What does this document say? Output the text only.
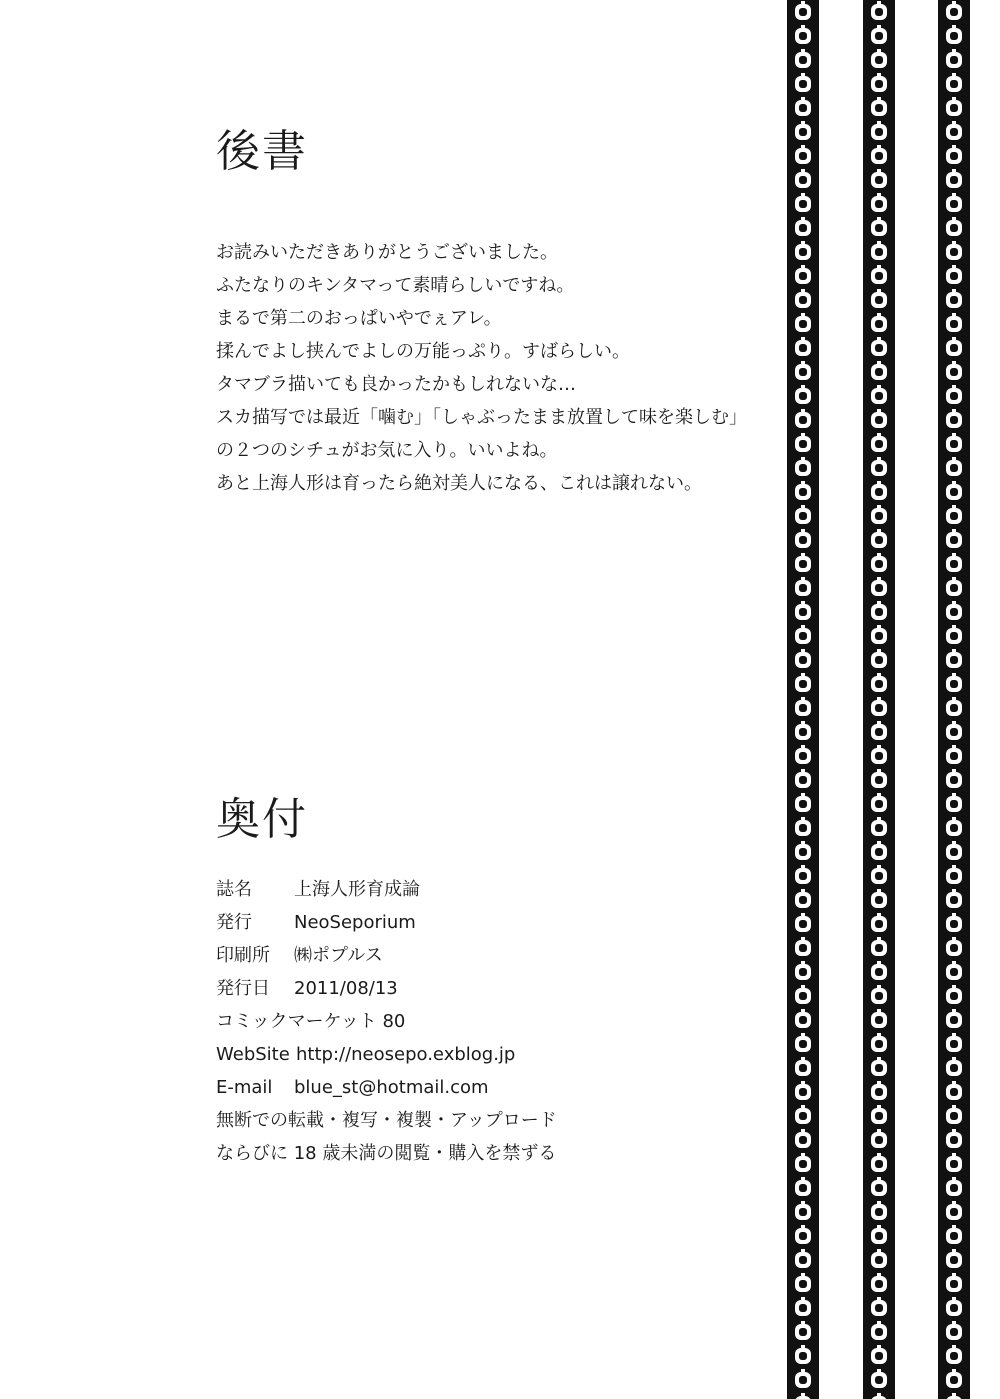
後書
お読みいただきありがとうございました。
ふたなりのキンタマって素晴らしいですね。
まるで第二のおっぱいやでぇアレ。
揉んでよし挟んでよしの万能っぷり。すばらしい。
タマブラ描いても良かったかもしれないな…
スカ描写では最近「噛む」「しゃぶったまま放置して味を楽しむ」
の２つのシチュがお気に入り。いいよね。
あと上海人形は育ったら絶対美人になる、これは譲れない。
奥付
誌名	上海人形育成論
発行	NeoSeporium
印刷所	㈱ポプルス
発行日	2011/08/13
コミックマーケット 80
WebSite http://neosepo.exblog.jp
E-mail	blue_st@hotmail.com
無断での転載・複写・複製・アップロード
ならびに 18 歳未満の閲覧・購入を禁ずる
